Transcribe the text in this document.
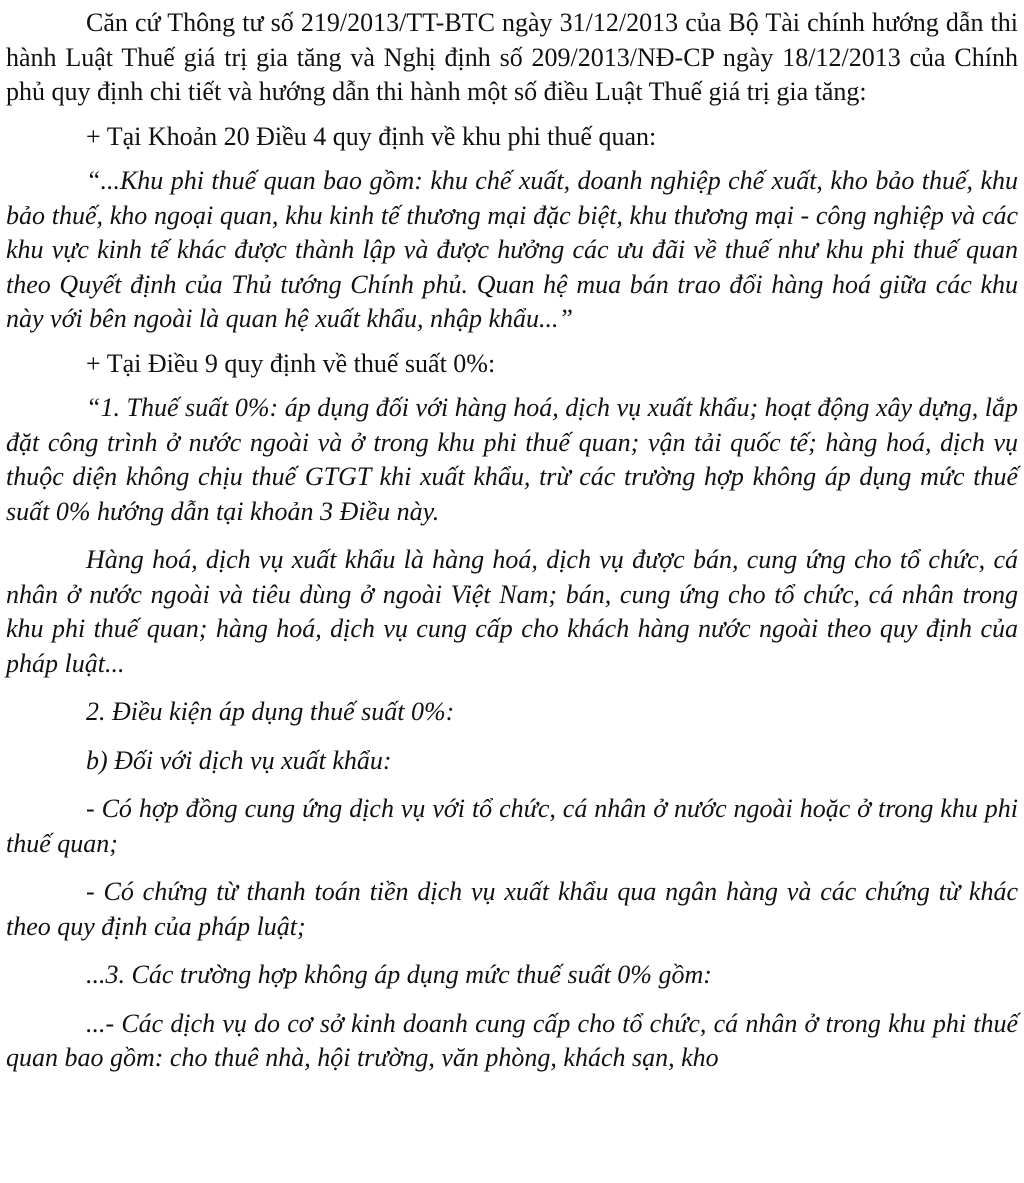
Căn cứ Thông tư số 219/2013/TT-BTC ngày 31/12/2013 của Bộ Tài chính hướng dẫn thi hành Luật Thuế giá trị gia tăng và Nghị định số 209/2013/NĐ-CP ngày 18/12/2013 của Chính phủ quy định chi tiết và hướng dẫn thi hành một số điều Luật Thuế giá trị gia tăng:

+ Tại Khoản 20 Điều 4 quy định về khu phi thuế quan:

“...Khu phi thuế quan bao gồm: khu chế xuất, doanh nghiệp chế xuất, kho bảo thuế, khu bảo thuế, kho ngoại quan, khu kinh tế thương mại đặc biệt, khu thương mại - công nghiệp và các khu vực kinh tế khác được thành lập và được hưởng các ưu đãi về thuế như khu phi thuế quan theo Quyết định của Thủ tướng Chính phủ. Quan hệ mua bán trao đổi hàng hoá giữa các khu này với bên ngoài là quan hệ xuất khẩu, nhập khẩu...”

+ Tại Điều 9 quy định về thuế suất 0%:

“1. Thuế suất 0%: áp dụng đối với hàng hoá, dịch vụ xuất khẩu; hoạt động xây dựng, lắp đặt công trình ở nước ngoài và ở trong khu phi thuế quan; vận tải quốc tế; hàng hoá, dịch vụ thuộc diện không chịu thuế GTGT khi xuất khẩu, trừ các trường hợp không áp dụng mức thuế suất 0% hướng dẫn tại khoản 3 Điều này.

Hàng hoá, dịch vụ xuất khẩu là hàng hoá, dịch vụ được bán, cung ứng cho tổ chức, cá nhân ở nước ngoài và tiêu dùng ở ngoài Việt Nam; bán, cung ứng cho tổ chức, cá nhân trong khu phi thuế quan; hàng hoá, dịch vụ cung cấp cho khách hàng nước ngoài theo quy định của pháp luật...

2. Điều kiện áp dụng thuế suất 0%:

b) Đối với dịch vụ xuất khẩu:

- Có hợp đồng cung ứng dịch vụ với tổ chức, cá nhân ở nước ngoài hoặc ở trong khu phi thuế quan;

- Có chứng từ thanh toán tiền dịch vụ xuất khẩu qua ngân hàng và các chứng từ khác theo quy định của pháp luật;

...3. Các trường hợp không áp dụng mức thuế suất 0% gồm:

...- Các dịch vụ do cơ sở kinh doanh cung cấp cho tổ chức, cá nhân ở trong khu phi thuế quan bao gồm: cho thuê nhà, hội trường, văn phòng, khách sạn, kho
